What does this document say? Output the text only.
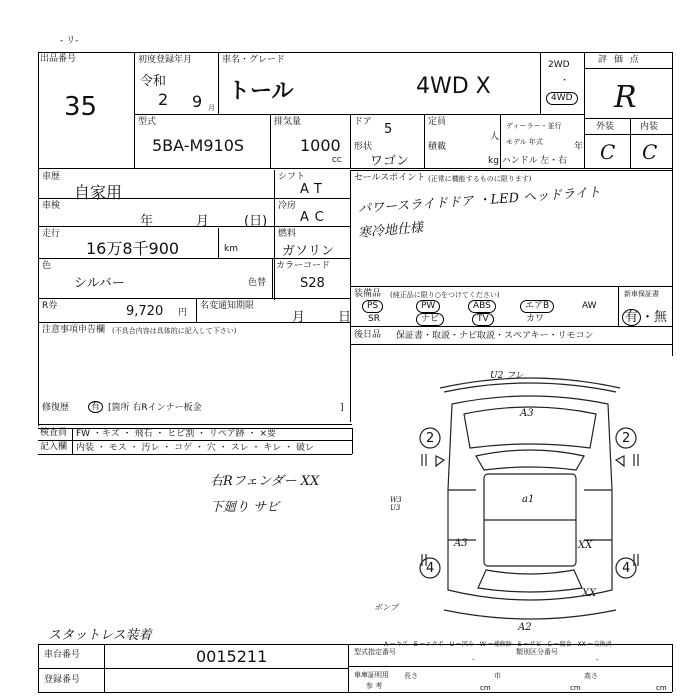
- リ-
出品番号
35
初度登録年月
令和
2 9 月
車名・グレード
トール	4WD X
2WD
・
4WD
評 価 点
R
外装	内装
C C
型式
5BA-M910S
排気量
1000
CC
ドア 5	定員
人
ディーラー・並行
モデル 年式	年
形状
ワゴン
積載
kg ハンドル 左・右
車歴
自家用
車検
年	月	(日)
走行
16万8千900	km
シフト
AT
冷房
AC
燃料
ガソリン
色
シルバー	色替
カラーコード
S28
R券	9,720 円
名変通知期限
月	日
セールスポイント (正常に機能するものに限ります)
パワースライドドア ・LED ヘッドライト
寒冷地仕様
装備品 (純正品に限り○をつけてください)	新車保証書
有 ・無
PS	PW	ABS	エアB	AW
SR	ナビ	TV	カワ
後日品 保証書・取説・ナビ取説・スペアキー・リモコン
注意事項申告欄 (不具合内容は具体的に記入して下さい)
修復歴	有 [箇所 右Rインナー板金	]
検査員
記入欄
FW ・キズ ・ 飛石 ・ ヒビ割 ・ リペア跡 ・ ×要
内装 ・ モス ・ 汚レ ・ コゲ ・ 穴 ・ スレ ・ キレ ・ 破レ
右Rフェンダー XX
下廻り サビ
スタットレス装着
U2 フレ
A3
a1
W3 U3
A3	XX
XX
A2
ポンプ
2	2
4	4
車台番号	0015211
登録番号
型式指定番号	類別区分番号
-	-
車庫証明用
参 考
長さ
cm
巾
cm
高さ
cm
